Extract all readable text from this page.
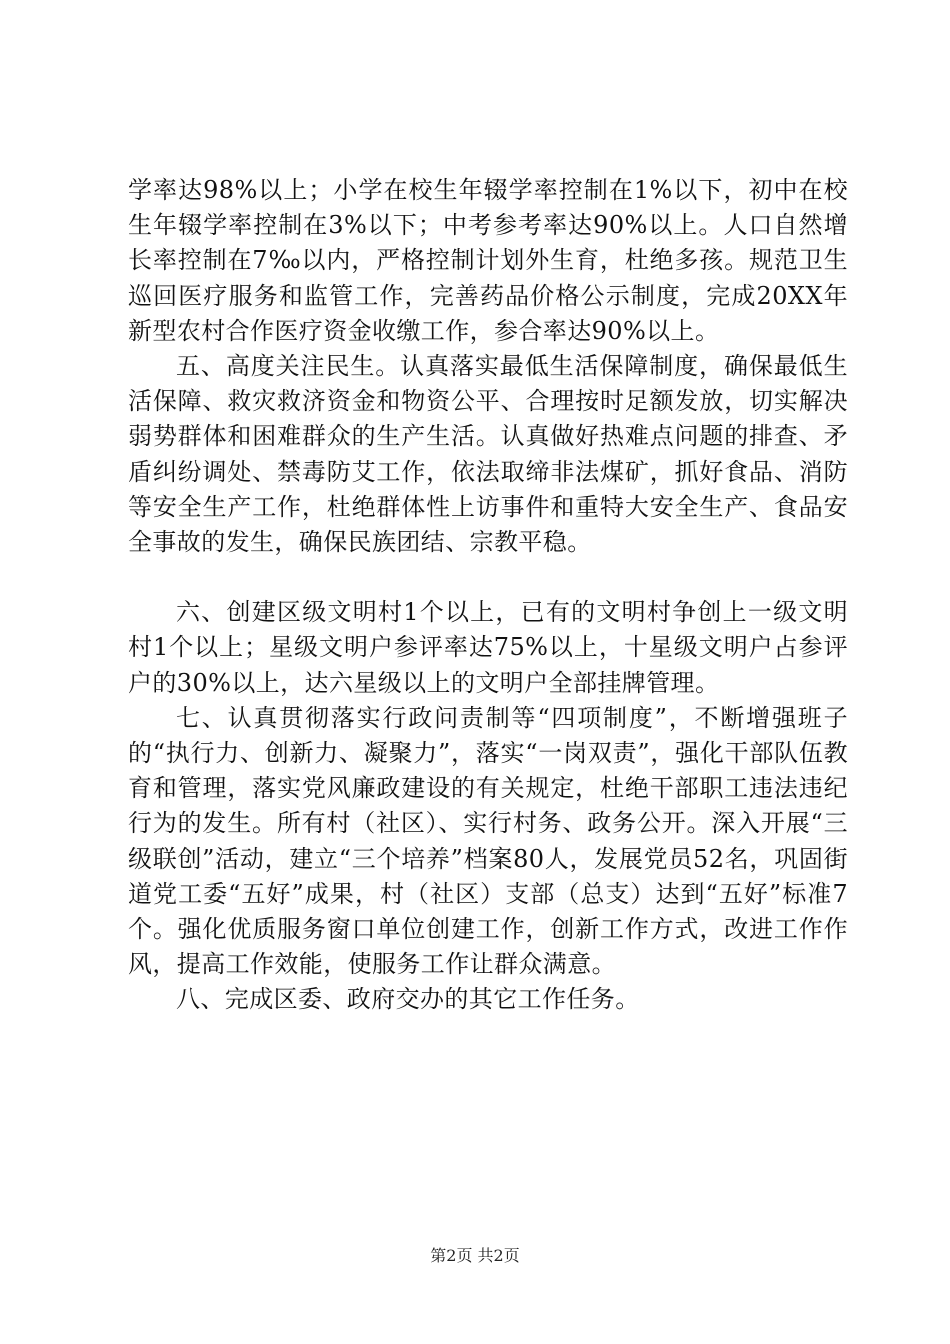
学率达98%以上；小学在校生年辍学率控制在1%以下，初中在校生年辍学率控制在3%以下；中考参考率达90%以上。人口自然增长率控制在7‰以内，严格控制计划外生育，杜绝多孩。规范卫生巡回医疗服务和监管工作，完善药品价格公示制度，完成20XX年新型农村合作医疗资金收缴工作，参合率达90%以上。

五、高度关注民生。认真落实最低生活保障制度，确保最低生活保障、救灾救济资金和物资公平、合理按时足额发放，切实解决弱势群体和困难群众的生产生活。认真做好热难点问题的排查、矛盾纠纷调处、禁毒防艾工作，依法取缔非法煤矿，抓好食品、消防等安全生产工作，杜绝群体性上访事件和重特大安全生产、食品安全事故的发生，确保民族团结、宗教平稳。

六、创建区级文明村1个以上，已有的文明村争创上一级文明村1个以上；星级文明户参评率达75%以上，十星级文明户占参评户的30%以上，达六星级以上的文明户全部挂牌管理。

七、认真贯彻落实行政问责制等“四项制度”，不断增强班子的“执行力、创新力、凝聚力”，落实“一岗双责”，强化干部队伍教育和管理，落实党风廉政建设的有关规定，杜绝干部职工违法违纪行为的发生。所有村（社区）、实行村务、政务公开。深入开展“三级联创”活动，建立“三个培养”档案80人，发展党员52名，巩固街道党工委“五好”成果，村（社区）支部（总支）达到“五好”标准7个。强化优质服务窗口单位创建工作，创新工作方式，改进工作作风，提高工作效能，使服务工作让群众满意。

八、完成区委、政府交办的其它工作任务。

第2页 共2页
